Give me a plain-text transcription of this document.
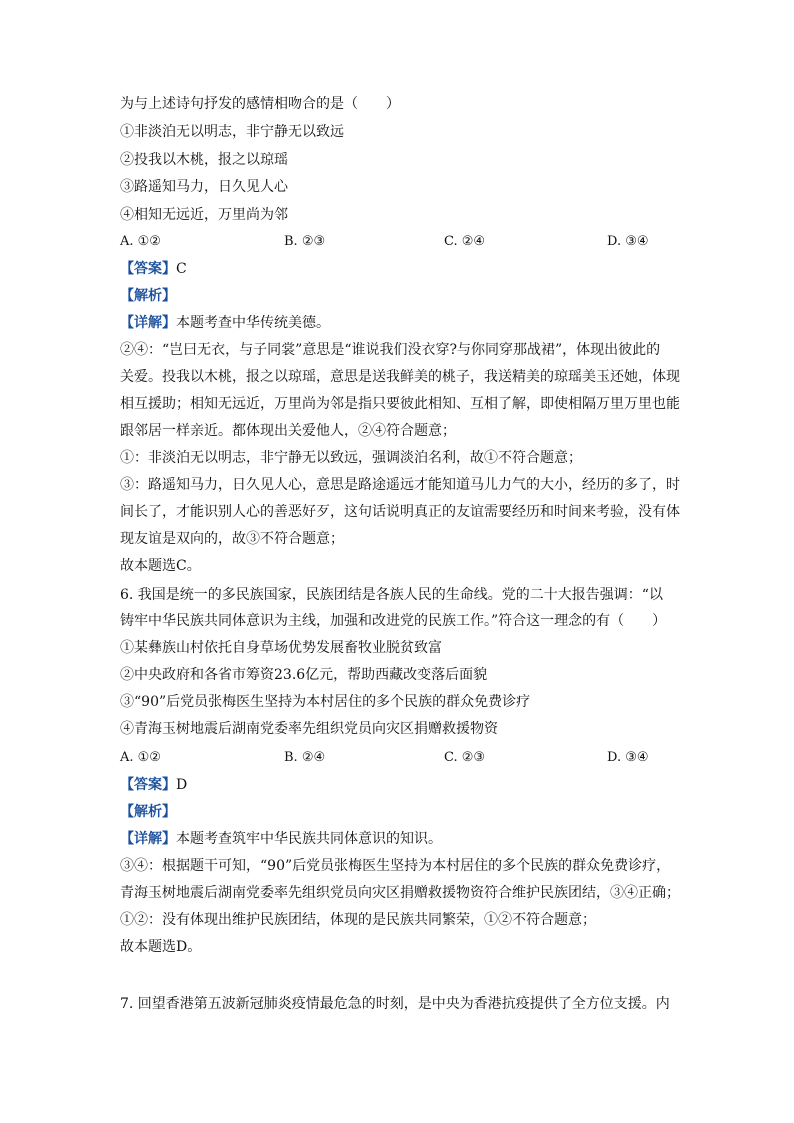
为与上述诗句抒发的感情相吻合的是（　　）
①非淡泊无以明志，非宁静无以致远
②投我以木桃，报之以琼瑶
③路遥知马力，日久见人心
④相知无远近，万里尚为邻
A. ①②	B. ②③	C. ②④	D. ③④
【答案】C
【解析】
【详解】本题考查中华传统美德。
②④：“岂曰无衣，与子同裳”意思是“谁说我们没衣穿?与你同穿那战裙”，体现出彼此的
关爱。投我以木桃，报之以琼瑶，意思是送我鲜美的桃子，我送精美的琼瑶美玉还她，体现
相互援助；相知无远近，万里尚为邻是指只要彼此相知、互相了解，即使相隔万里万里也能
跟邻居一样亲近。都体现出关爱他人，②④符合题意；
①：非淡泊无以明志，非宁静无以致远，强调淡泊名利，故①不符合题意；
③：路遥知马力，日久见人心，意思是路途遥远才能知道马儿力气的大小，经历的多了，时
间长了，才能识别人心的善恶好歹，这句话说明真正的友谊需要经历和时间来考验，没有体
现友谊是双向的，故③不符合题意；
故本题选C。
6. 我国是统一的多民族国家，民族团结是各族人民的生命线。党的二十大报告强调：“以
铸牢中华民族共同体意识为主线，加强和改进党的民族工作。”符合这一理念的有（　　）
①某彝族山村依托自身草场优势发展畜牧业脱贫致富
②中央政府和各省市筹资23.6亿元，帮助西藏改变落后面貌
③“90”后党员张梅医生坚持为本村居住的多个民族的群众免费诊疗
④青海玉树地震后湖南党委率先组织党员向灾区捐赠救援物资
A. ①②	B. ②④	C. ②③	D. ③④
【答案】D
【解析】
【详解】本题考查筑牢中华民族共同体意识的知识。
③④：根据题干可知，“90”后党员张梅医生坚持为本村居住的多个民族的群众免费诊疗，
青海玉树地震后湖南党委率先组织党员向灾区捐赠救援物资符合维护民族团结，③④正确；
①②：没有体现出维护民族团结，体现的是民族共同繁荣，①②不符合题意；
故本题选D。
7. 回望香港第五波新冠肺炎疫情最危急的时刻，是中央为香港抗疫提供了全方位支援。内
